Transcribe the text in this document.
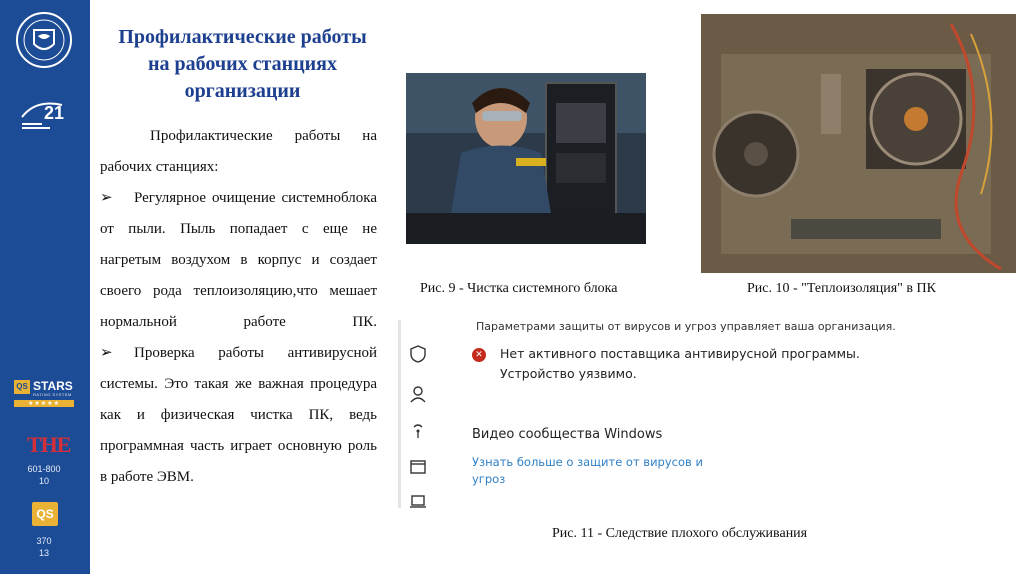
21
QS STARS
RATING SYSTEM
★★★★★
THE
601-800
10
QS
370
13
Профилактические работы на рабочих станциях организации

Профилактические работы на рабочих станциях:

➢ Регулярное очищение системноблока от пыли. Пыль попадает с еще не нагретым воздухом в корпус и создает своего рода теплоизоляцию,что мешает нормальной работе ПК.

➢ Проверка работы антивирусной системы. Это такая же важная процедура как и физическая чистка ПК, ведь программная часть играет основную роль в работе ЭВМ.

Рис. 9 - Чистка системного блока	Рис. 10 - "Теплоизоляция" в ПК
Параметрами защиты от вирусов и угроз управляет ваша организация.
✕ Нет активного поставщика антивирусной программы. Устройство уязвимо.
Видео сообщества Windows
Узнать больше о защите от вирусов и угроз
Рис. 11 - Следствие плохого обслуживания
